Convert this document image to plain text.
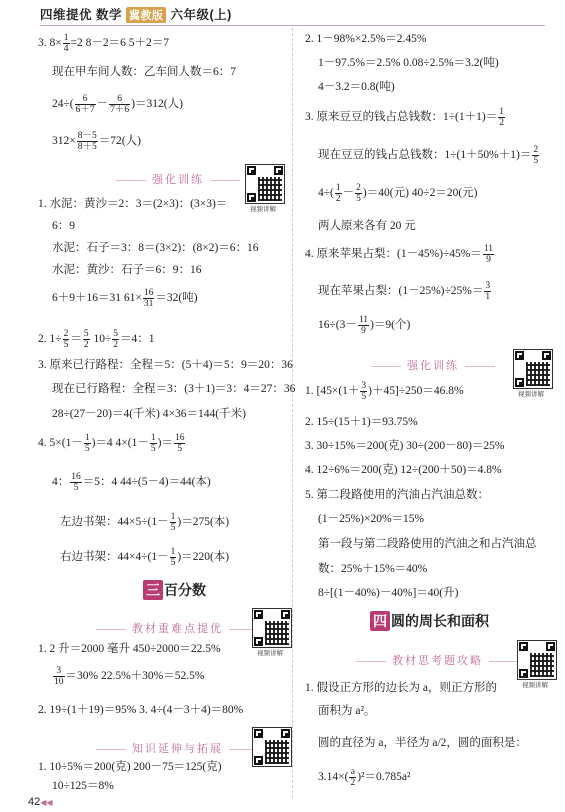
四维提优 数学 冀教版 六年级(上)
3. $8\times \frac{1}{4} =2$ 8－2＝6 5＋2＝7
现在甲车间人数：乙车间人数＝6：7
$24\div( \frac{6}{6+7} - \frac{6}{7+6} )=312$(人)
$312\times \frac{8-5}{8+5} =72$(人)
强化训练
视频讲解
1. 水泥：黄沙＝2：3＝(2×3)：(3×3)＝
6：9
水泥：石子＝3：8＝(3×2)：(8×2)＝6：16
水泥：黄沙：石子＝6：9：16
6＋9＋16＝31 $61\times \frac{16}{31} =32$(吨)
2. $1\div \frac{2}{5} = \frac{5}{2} 10\div \frac{5}{2} =4$：1
3. 原来已行路程：全程＝5：(5＋4)＝5：9＝20：36
现在已行路程：全程＝3：(3＋1)＝3：4＝27：36
28÷(27－20)＝4(千米) 4×36＝144(千米)
4. $5\times(1- \frac{1}{5} )=4$ $4\times(1- \frac{1}{5}$ )＝ $\frac{16}{5}$
4： $\frac{16}{5} =5$：4 44÷(5－4)＝44(本)
左边书架：$44\times 5\div(1- \frac{1}{5} )=275$(本)
右边书架：$44\times 4\div(1- \frac{1}{5} )=220$(本)
三 百分数
教材重难点提优
视频讲解
1. 2 升＝2000 毫升 450÷2000＝22.5%
$\frac{3}{10} =30\%$ 22.5%＋30%＝52.5%
2. 19÷(1＋19)＝95% 3. 4÷(4－3＋4)＝80%
知识延伸与拓展
1. 10÷5%＝200(克) 200－75＝125(克)
10÷125＝8%
2. 1－98%×2.5%＝2.45%
1－97.5%＝2.5% 0.08÷2.5%＝3.2(吨)
4－3.2＝0.8(吨)
3. 原来豆豆的钱占总钱数：$1\div(1+1)= \frac{1}{2}$
现在豆豆的钱占总钱数：$1\div(1+50\%+1)= \frac{2}{5}$
$4\div( \frac{1}{2} - \frac{2}{5} )=40$(元) 40÷2＝20(元)
两人原来各有 20 元
4. 原来苹果占梨：$(1-45\%)\div 45\%= \frac{11}{9}$
现在苹果占梨：$(1-25\%)\div 25\%= \frac{3}{1}$
$16\div(3- \frac{11}{9} )=9$(个)
强化训练
视频讲解
1. $[45\times(1+ \frac{3}{5} )+45]\div 250=46.8\%$
2. 15÷(15＋1)＝93.75%
3. 30÷15%＝200(克) 30÷(200－80)＝25%
4. 12÷6%＝200(克) 12÷(200＋50)＝4.8%
5. 第二段路使用的汽油占汽油总数：
(1－25%)×20%＝15%
第一段与第二段路使用的汽油之和占汽油总
数：25%＋15%＝40%
8÷[(1－40%)－40%]＝40(升)
四 圆的周长和面积
教材思考题攻略
视频讲解
1. 假设正方形的边长为 a，则正方形的
面积为 a²。
圆的直径为 a，半径为 a/2，圆的面积是：
$3.14\times( \frac{a}{2} )^2=0.785a^2$
42◀◀
